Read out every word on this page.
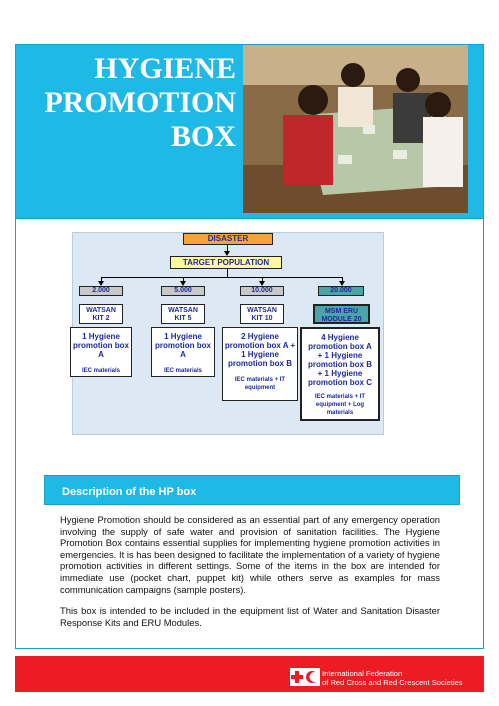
HYGIENE
PROMOTION
BOX
DISASTER
TARGET POPULATION
2.000
WATSAN
KIT 2
1 Hygiene
promotion box
A
IEC materials
5.000
WATSAN
KIT 5
1 Hygiene
promotion box
A
IEC materials
10.000
WATSAN
KIT 10
2 Hygiene
promotion box A +
1 Hygiene
promotion box B
IEC materials + IT
equipment
20.000
MSM ERU
MODULE 20
4 Hygiene
promotion box A
+ 1 Hygiene
promotion box B
+ 1 Hygiene
promotion box C
IEC materials + IT
equipment + Log
materials
Description of the HP box

Hygiene Promotion should be considered as an essential part of any emergency operation involving the supply of safe water and provision of sanitation facilities. The Hygiene Promotion Box contains essential supplies for implementing hygiene promotion activities in emergencies. It is has been designed to facilitate the implementation of a variety of hygiene promotion activities in different settings. Some of the items in the box are intended for immediate use (pocket chart, puppet kit) while others serve as examples for mass communication campaigns (sample posters).

This box is intended to be included in the equipment list of Water and Sanitation Disaster Response Kits and ERU Modules.

International Federation
of Red Cross and Red Crescent Societies
